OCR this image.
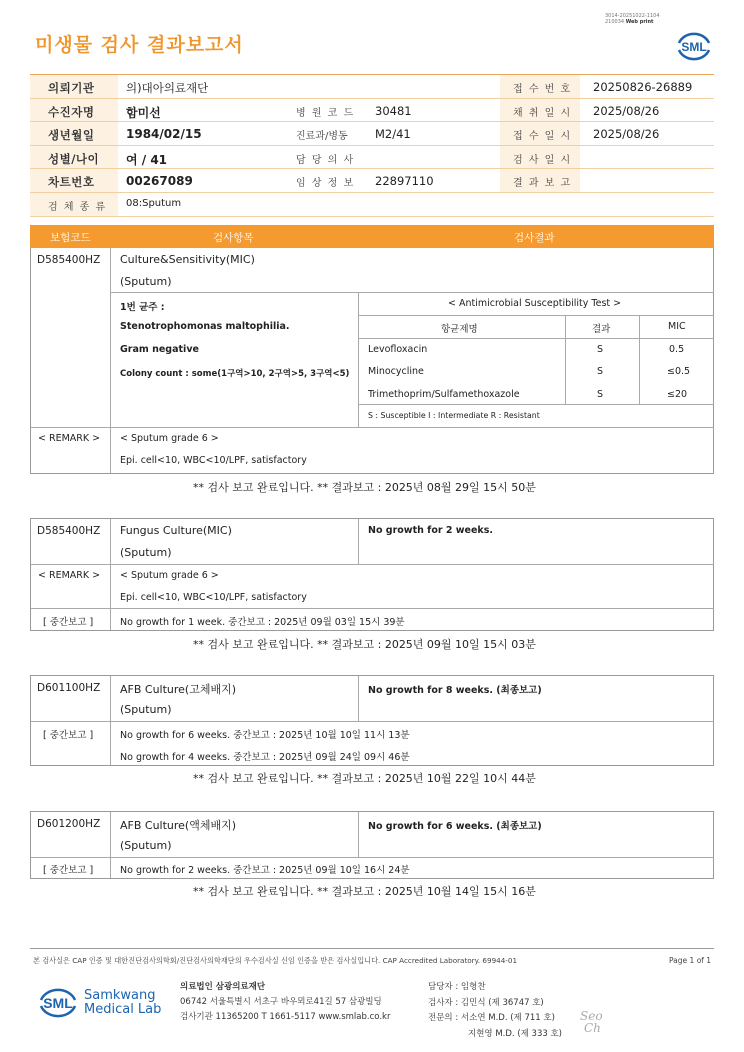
3014-20251022-1104
210034 Web print
미생물 검사 결과보고서	SML
의뢰기관	의)대아의료재단	접 수 번 호 20250826-26889
수진자명	함미선	병 원 코 드 30481	채 취 일 시 2025/08/26
생년월일	1984/02/15	진료과/병동 M2/41	접 수 일 시 2025/08/26
성별/나이 여 / 41	담 당 의 사	검 사 일 시
차트번호	00267089	임 상 정 보 22897110	결 과 보 고
검 체 종 류 08:Sputum
보험코드	검사항목	검사결과
D585400HZ Culture&Sensitivity(MIC)
(Sputum)
1번 균주 :
Stenotrophomonas maltophilia.
Gram negative
Colony count : some(1구역>10, 2구역>5, 3구역<5)
< Antimicrobial Susceptibility Test >
항균제명	결과	MIC
Levofloxacin	S	0.5
Minocycline	S	≤0.5
Trimethoprim/Sulfamethoxazole	S	≤20
S : Susceptible I : Intermediate R : Resistant
< REMARK > < Sputum grade 6 >
Epi. cell<10, WBC<10/LPF, satisfactory
** 검사 보고 완료입니다. ** 결과보고 : 2025년 08월 29일 15시 50분
D585400HZ Fungus Culture(MIC)
(Sputum)
No growth for 2 weeks.
< REMARK > < Sputum grade 6 >
Epi. cell<10, WBC<10/LPF, satisfactory
[ 중간보고 ]	No growth for 1 week. 중간보고 : 2025년 09월 03일 15시 39분
** 검사 보고 완료입니다. ** 결과보고 : 2025년 09월 10일 15시 03분
D601100HZ AFB Culture(고체배지)
(Sputum)
No growth for 8 weeks. (최종보고)
[ 중간보고 ]	No growth for 6 weeks. 중간보고 : 2025년 10월 10일 11시 13분
No growth for 4 weeks. 중간보고 : 2025년 09월 24일 09시 46분
** 검사 보고 완료입니다. ** 결과보고 : 2025년 10월 22일 10시 44분
D601200HZ AFB Culture(액체배지)
(Sputum)
No growth for 6 weeks. (최종보고)
[ 중간보고 ]	No growth for 2 weeks. 중간보고 : 2025년 09월 10일 16시 24분
** 검사 보고 완료입니다. ** 결과보고 : 2025년 10월 14일 15시 16분
본 검사실은 CAP 인증 및 대한진단검사의학회/진단검사의학재단의 우수검사실 신임 인증을 받은 검사실입니다. CAP Accredited Laboratory. 69944-01	Page 1 of 1
SML Samkwang
Medical Lab
의료법인 삼광의료재단
06742 서울특별시 서초구 바우뫼로41길 57 삼광빌딩
검사기관 11365200 T 1661-5117 www.smlab.co.kr
담당자 : 임형찬
검사자 : 김민식 (제 36747 호)
전문의 : 서소연 M.D. (제 711 호)
지현영 M.D. (제 333 호)
Seo
Ch
